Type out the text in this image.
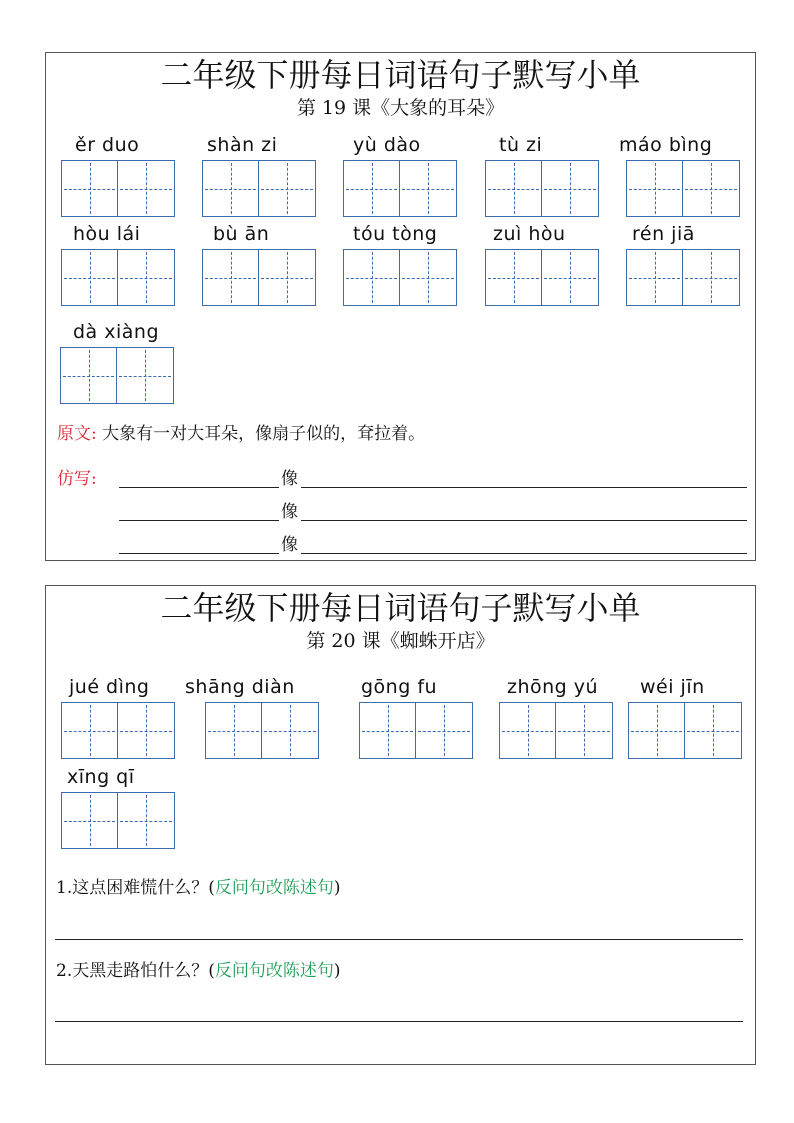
二年级下册每日词语句子默写小单
第 19 课《大象的耳朵》
ěr duo	shàn zi	yù dào	tù zi	máo bìng
hòu lái	bù ān	tóu tòng	zuì hòu	rén jiā
dà xiàng
原文: 大象有一对大耳朵，像扇子似的，耷拉着。
仿写:	像
像
像
二年级下册每日词语句子默写小单
第 20 课《蜘蛛开店》
jué dìng	shāng diàn	gōng fu	zhōng yú	wéi jīn
xīng qī
1.这点困难慌什么？(反问句改陈述句)
2.天黑走路怕什么？(反问句改陈述句)
